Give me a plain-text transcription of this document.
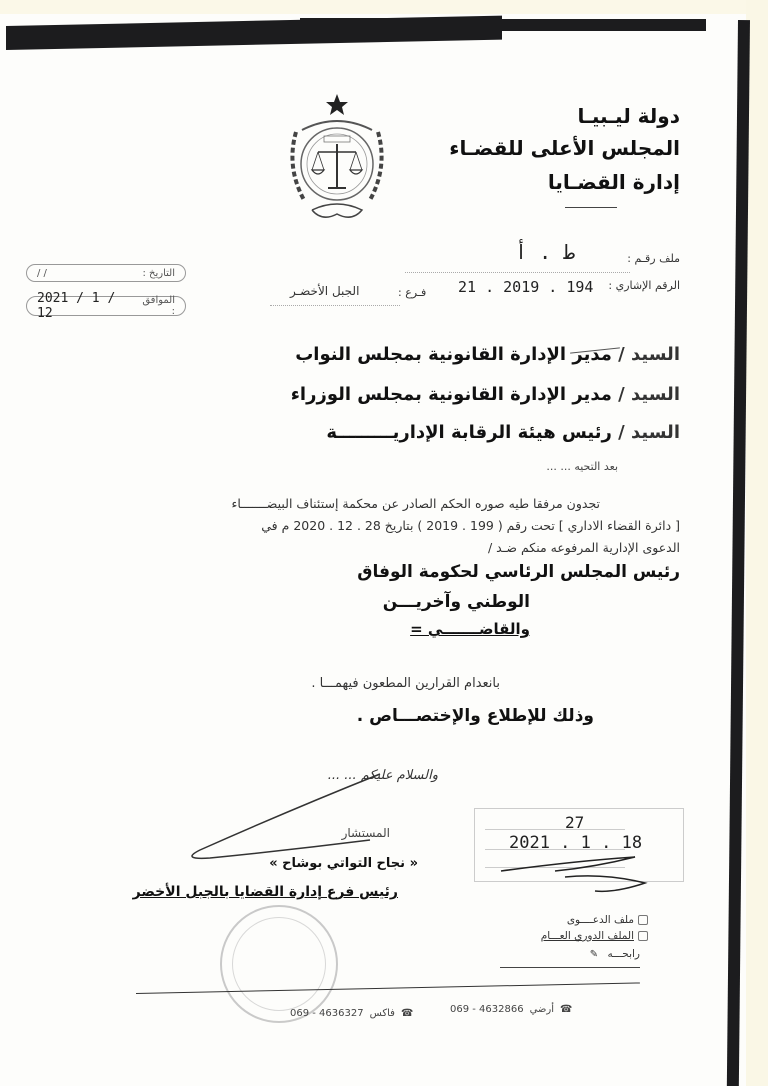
دولة ليـبيـا
المجلس الأعلى للقضـاء
إدارة القضـايا
ملف رقـم :
ط . أ
الرقم الإشاري :
21 . 2019 . 194
فـرع :
الجبل الأخضـر
التاريخ :
/ /
الموافق :
2021 / 1 / 12
السيد / مدير الإدارة القانونية بمجلس النواب
السيد / مدير الإدارة القانونية بمجلس الوزراء
السيد / رئيس هيئة الرقابة الإداريـــــــــة
بعد التحيه ... ...
تجدون مرفقا طيه صوره الحكم الصادر عن محكمة إستئناف البيضـــــــاء
[ دائرة القضاء الاداري ] تحت رقم ( 199 . 2019 ) بتاريخ 28 . 12 . 2020 م في
الدعوى الإدارية المرفوعه منكم ضـد /
رئيس المجلس الرئاسي لحكومة الوفاق
الوطني وآخريـــن
والقاضـــــــي =
بانعدام القرارين المطعون فيهمـــا .
وذلك للإطلاع والإختصـــاص .
والسلام عليكم ... ...
المستشار
« نجاح التواتي بوشاح »
رئيس فرع إدارة القضايا بالجبل الأخضر
27
2021 . 1 . 18
ملف الدعــــوى
الملف الدوري العـــام
رابحـــه ✎
069 - 4632866 أرضي ☎
069 - 4636327 فاكس ☎
